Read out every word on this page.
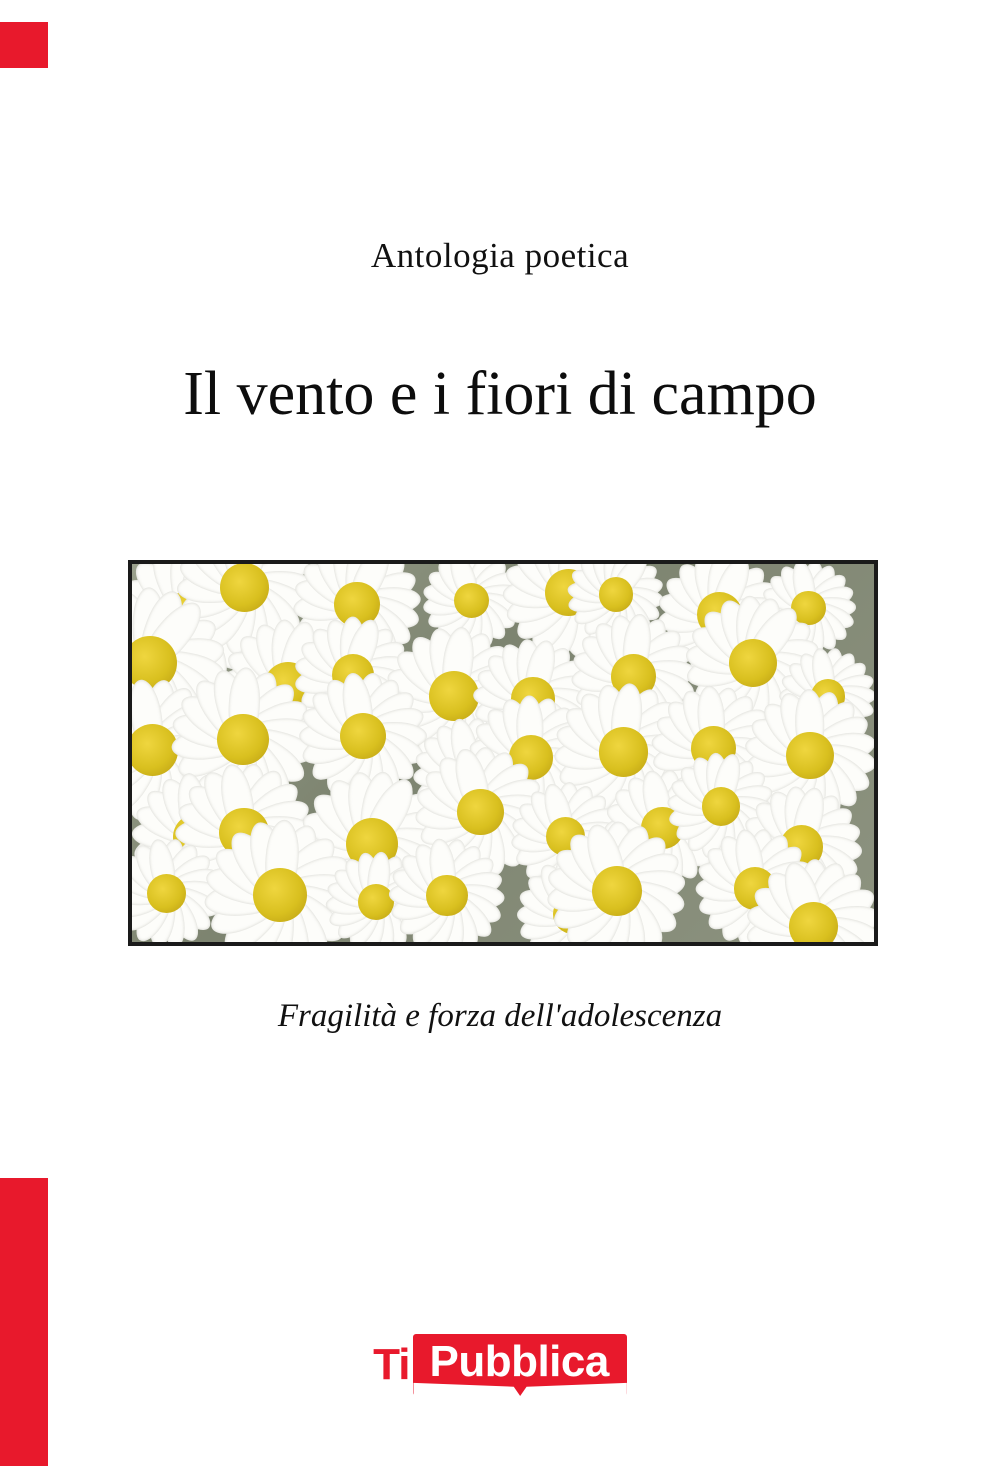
Antologia poetica
Il vento e i fiori di campo
Fragilità e forza dell'adolescenza
Ti Pubblica
